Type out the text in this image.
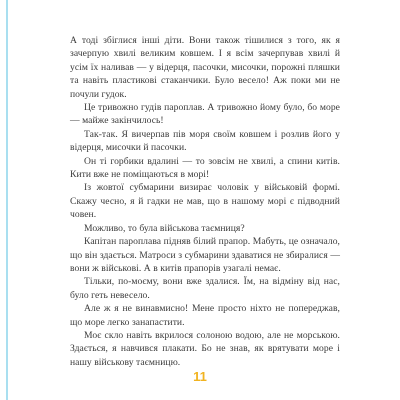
А тоді збіглися інші діти. Вони також тішилися з того, як я зачерпую хвилі великим ковшем. І я всім зачерпував хвилі й усім їх наливав — у відерця, пасочки, мисочки, порожні пляшки та навіть пластикові стаканчики. Було весело! Аж поки ми не почули гудок.

Це тривожно гудів пароплав. А тривожно йому було, бо море — майже закінчилось!

Так-так. Я вичерпав пів моря своїм ковшем і розлив його у відерця, мисочки й пасочки.

Он ті горбики вдалині — то зовсім не хвилі, а спини китів. Кити вже не поміщаються в морі!

Із жовтої субмарини визирає чоловік у військовій формі. Скажу чесно, я й гадки не мав, що в нашому морі є підводний човен.

Можливо, то була військова таємниця?

Капітан пароплава підняв білий прапор. Мабуть, це означало, що він здається. Матроси з субмарини здаватися не збиралися — вони ж військові. А в китів прапорів узагалі немає.

Тільки, по-моєму, вони вже здалися. Їм, на відміну від нас, було геть невесело.

Але ж я не винавмисно! Мене просто ніхто не попереджав, що море легко занапастити.

Моє скло навіть вкрилося солоною водою, але не морською. Здається, я навчився плакати. Бо не знав, як врятувати море і нашу військову таємницю.

11
